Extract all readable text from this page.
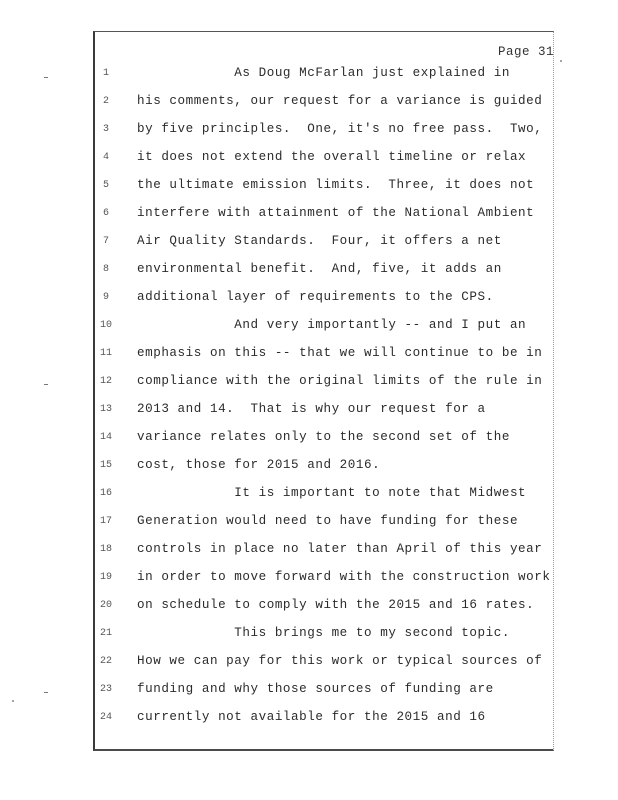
Page 31
1	As Doug McFarlan just explained in
2	his comments, our request for a variance is guided
3	by five principles.  One, it's no free pass.  Two,
4	it does not extend the overall timeline or relax
5	the ultimate emission limits.  Three, it does not
6	interfere with attainment of the National Ambient
7	Air Quality Standards.  Four, it offers a net
8	environmental benefit.  And, five, it adds an
9	additional layer of requirements to the CPS.
10	And very importantly -- and I put an
11	emphasis on this -- that we will continue to be in
12	compliance with the original limits of the rule in
13	2013 and 14.  That is why our request for a
14	variance relates only to the second set of the
15	cost, those for 2015 and 2016.
16	It is important to note that Midwest
17	Generation would need to have funding for these
18	controls in place no later than April of this year
19	in order to move forward with the construction work
20	on schedule to comply with the 2015 and 16 rates.
21	This brings me to my second topic.
22	How we can pay for this work or typical sources of
23	funding and why those sources of funding are
24	currently not available for the 2015 and 16
